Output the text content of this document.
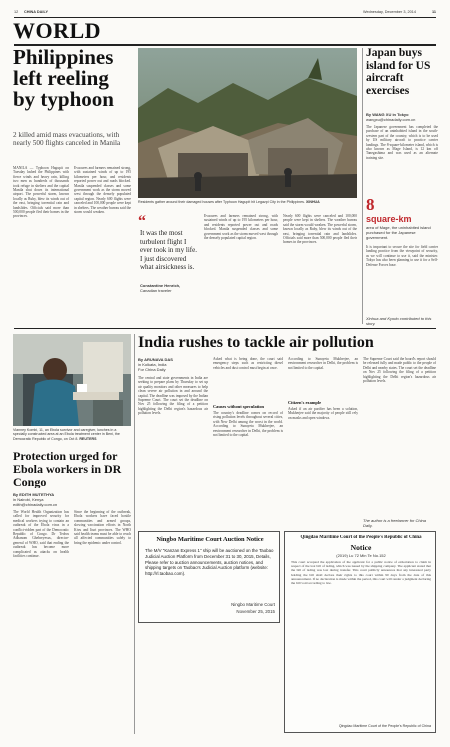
12	CHINA DAILY	Wednesday, December 3, 2014	11
WORLD
Philippines left reeling by typhoon
2 killed amid mass evacuations, with nearly 500 flights canceled in Manila
MANILA — Typhoon Hagupit on Tuesday lashed the Philippines with fierce winds and heavy rain, killing two men as hundreds of thousands took refuge in shelters and the capital Manila shut down its international airport. The powerful storm, known locally as Ruby, blew its winds out of the east, bringing torrential rain and landslides. Officials said more than 500,000 people fled their homes in the provinces.
Evacuees and farmers remained strong, with sustained winds of up to 195 kilometers per hour, and residents reported power out and roads blocked. Manila suspended classes and some government work as the storm moved west through the densely populated capital region. Nearly 600 flights were canceled and 100,000 people were kept in shelters. The weather bureau said the storm would weaken.
Residents gather around their damaged houses after Typhoon Hagupit hit Legazpi City in the Philippines. XINHUA
“
It was the most turbulent flight I ever took in my life. I just discovered what airsickness is.
Constantine Henrich,
Canadian traveler
Evacuees and farmers remained strong, with sustained winds of up to 195 kilometers per hour, and residents reported power out and roads blocked. Manila suspended classes and some government work as the storm moved west through the densely populated capital region.
Nearly 600 flights were canceled and 100,000 people were kept in shelters. The weather bureau said the storm would weaken. The powerful storm, known locally as Ruby, blew its winds out of the east, bringing torrential rain and landslides. Officials said more than 500,000 people fled their homes in the provinces.
Japan buys island for US aircraft exercises
By WANG XU in Tokyo
wangxu@chinadaily.com.cn
The Japanese government has completed the purchase of an uninhabited island in the south-western part of the country, which is to be used by US military aircraft to practice carrier landings. The 8-square-kilometer island, which is also known as Mage Island, is 12 km off Tanegashima and was used as an alternate training site.
8
square-km
area of Mage, the uninhabited island purchased for the Japanese government.
It is important to secure the site for field carrier landing practice from the viewpoint of security, as we will continue to use it, said the minister. Tokyo has also been planning to use it for a Self-Defense Forces base.
Xinhua and Kyodo contributed to this story.
Vianney Kombi, 11, an Ebola survivor and caregiver, lunches in a specially constructed area at an Ebola treatment center in Beni, the Democratic Republic of Congo, on Oct 8. REUTERS
Protection urged for Ebola workers in DR Congo
By EDITH MUTETHYA
in Nairobi, Kenya
edith@chinadaily.com.cn
The World Health Organization has called for improved security for medical workers trying to contain an outbreak of the Ebola virus in a conflict-ridden part of the Democratic Republic of Congo. Dr Tedros Adhanom Ghebreyesus, director-general of WHO, said that ending the outbreak has become more complicated as attacks on health facilities continue.
Since the beginning of the outbreak, Ebola workers have faced hostile communities and armed groups, slowing vaccination efforts in North Kivu and Ituri provinces. The WHO said health teams must be able to reach all affected communities safely to bring the epidemic under control.
India rushes to tackle air pollution
By ARUNAVA DAS
in Kolkata, India
For China Daily
The central and state governments in India are seeking to prepare plans by Thursday to set up air quality monitors and other measures to help clean severe air pollution in and around the capital. The deadline was imposed by the Indian Supreme Court. The court set the deadline on Nov 25 following the filing of a petition highlighting the Delhi region's hazardous air pollution levels.
Asked what is being done, the court said emergency steps such as restricting diesel vehicles and dust control must begin at once.
Causes without speculation
The country's deadline comes on record of rising pollution levels throughout several cities, with New Delhi among the worst in the world. According to Sunayeta Mukherjee, an environment researcher in Delhi, the problem is not limited to the capital.
According to Sunayeta Mukherjee, an environment researcher in Delhi, the problem is not limited to the capital.
Citizen's example
Asked if an air purifier has been a solution, Mukherjee said the majority of people still rely on masks and open windows.
The Supreme Court said the board's report should be released fully and made public to the people of Delhi and nearby states. The court set the deadline on Nov 25 following the filing of a petition highlighting the Delhi region's hazardous air pollution levels.
The author is a freelancer for China Daily.
Ningbo Maritime Court Auction Notice
The M/V "Kanzan Express 1" ship will be auctioned on the Taobao Judicial Auction Platform from December 31 to 30, 2015, Details, Please refer to auction announcements, auction notices, and shipping targets on Taobao's Judicial Auction platform (website: http://rl.taobao.com).
Ningbo Maritime Court
November 25, 2015
Qingdao Maritime Court of the People's Republic of China
Notice
(2019) Lu 72 Min Te No.152
This court accepted the application of the applicant for a public notice of exhortation to claim in respect of the lost bill of lading, which was issued by the shipping company. The applicant stated that the bill of lading was lost during transfer. This court publicly announces that any interested party holding the bill shall declare their rights to this court within 90 days from the date of this announcement. If no declaration is made within the period, this court will render a judgment declaring the bill void according to law.
Qingdao Maritime Court of the People's Republic of China
